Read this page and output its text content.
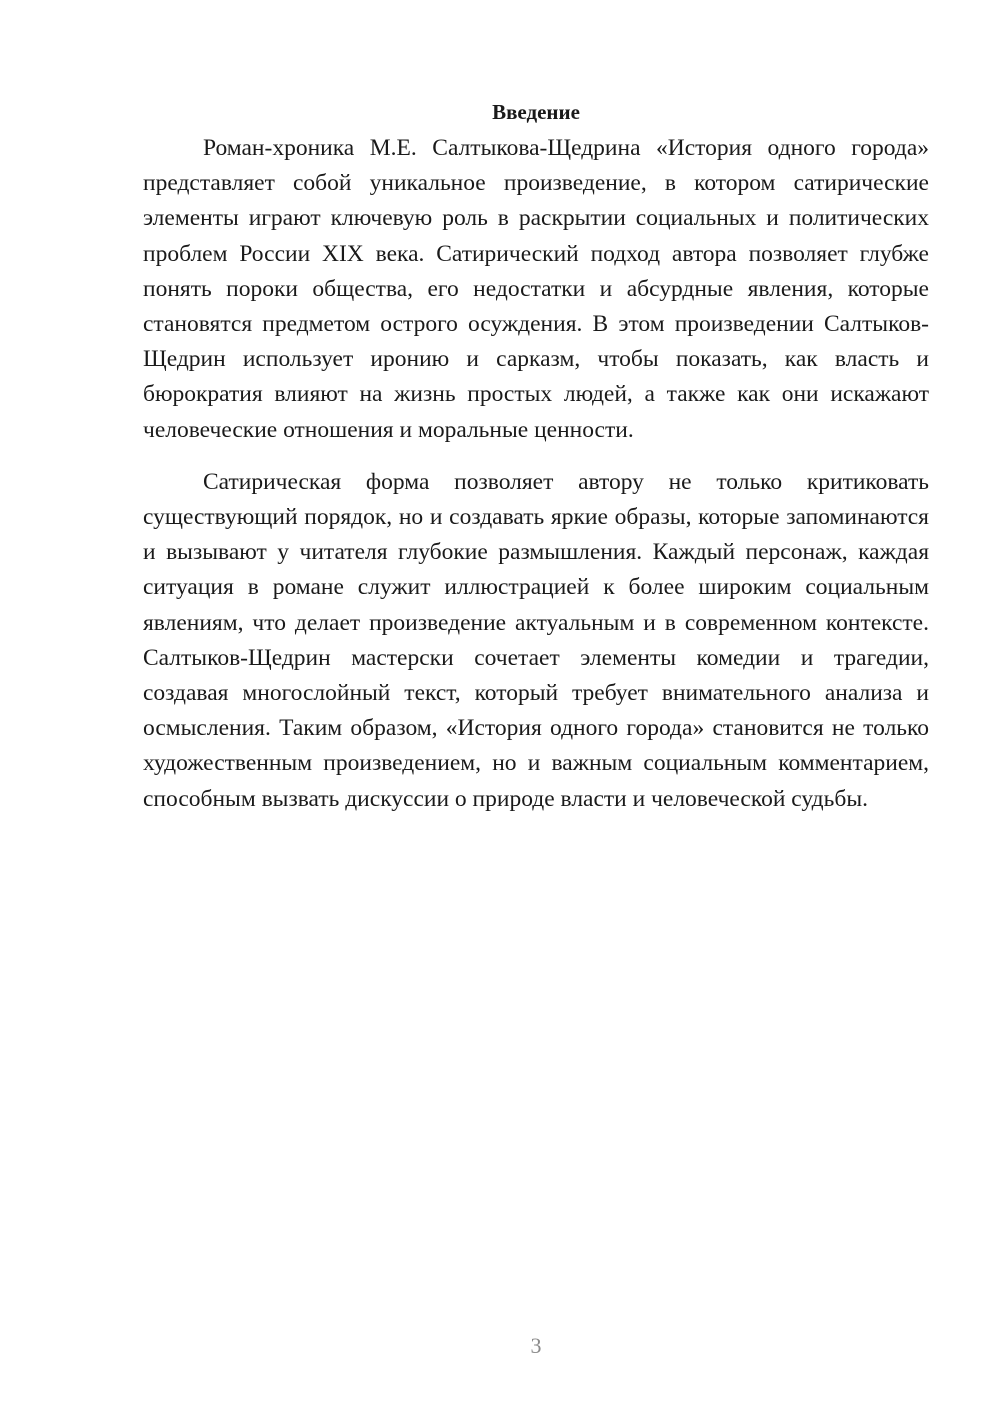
Введение

Роман-хроника М.Е. Салтыкова-Щедрина «История одного города» представляет собой уникальное произведение, в котором сатирические элементы играют ключевую роль в раскрытии социальных и политических проблем России XIX века. Сатирический подход автора позволяет глубже понять пороки общества, его недостатки и абсурдные явления, которые становятся предметом острого осуждения. В этом произведении Салтыков-Щедрин использует иронию и сарказм, чтобы показать, как власть и бюрократия влияют на жизнь простых людей, а также как они искажают человеческие отношения и моральные ценности.

Сатирическая форма позволяет автору не только критиковать существующий порядок, но и создавать яркие образы, которые запоминаются и вызывают у читателя глубокие размышления. Каждый персонаж, каждая ситуация в романе служит иллюстрацией к более широким социальным явлениям, что делает произведение актуальным и в современном контексте. Салтыков-Щедрин мастерски сочетает элементы комедии и трагедии, создавая многослойный текст, который требует внимательного анализа и осмысления. Таким образом, «История одного города» становится не только художественным произведением, но и важным социальным комментарием, способным вызвать дискуссии о природе власти и человеческой судьбы.

3
